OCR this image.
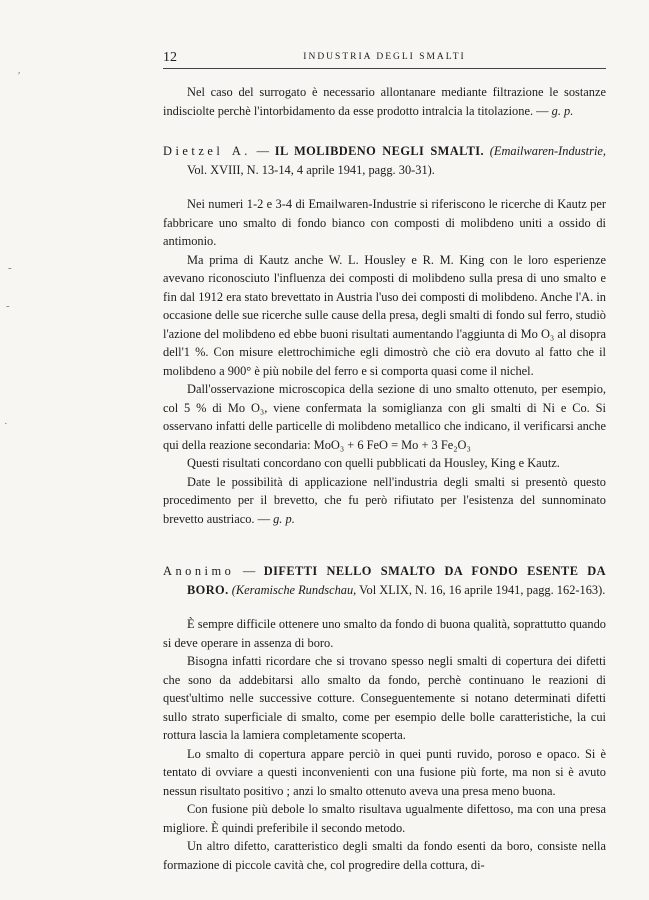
ʹ
-
-
·
12	INDUSTRIA DEGLI SMALTI

Nel caso del surrogato è necessario allontanare mediante filtrazione le sostanze indisciolte perchè l'intorbidamento da esse prodotto intralcia la titolazione. — g. p.

Dietzel A. — IL MOLIBDENO NEGLI SMALTI. (Emailwaren-Industrie, Vol. XVIII, N. 13-14, 4 aprile 1941, pagg. 30-31).

Nei numeri 1-2 e 3-4 di Emailwaren-Industrie si riferiscono le ricerche di Kautz per fabbricare uno smalto di fondo bianco con composti di molibdeno uniti a ossido di antimonio.

Ma prima di Kautz anche W. L. Housley e R. M. King con le loro esperienze avevano riconosciuto l'influenza dei composti di molibdeno sulla presa di uno smalto e fin dal 1912 era stato brevettato in Austria l'uso dei composti di molibdeno. Anche l'A. in occasione delle sue ricerche sulle cause della presa, degli smalti di fondo sul ferro, studiò l'azione del molibdeno ed ebbe buoni risultati aumentando l'aggiunta di Mo O₃ al disopra dell'1 %. Con misure elettrochimiche egli dimostrò che ciò era dovuto al fatto che il molibdeno a 900° è più nobile del ferro e si comporta quasi come il nichel.

Dall'osservazione microscopica della sezione di uno smalto ottenuto, per esempio, col 5 % di Mo O₃, viene confermata la somiglianza con gli smalti di Ni e Co. Si osservano infatti delle particelle di molibdeno metallico che indicano, il verificarsi anche qui della reazione secondaria: MoO₃ + 6 FeO = Mo + 3 Fe₂O₃

Questi risultati concordano con quelli pubblicati da Housley, King e Kautz.

Date le possibilità di applicazione nell'industria degli smalti si presentò questo procedimento per il brevetto, che fu però rifiutato per l'esistenza del sunnominato brevetto austriaco. — g. p.

Anonimo — DIFETTI NELLO SMALTO DA FONDO ESENTE DA BORO. (Keramische Rundschau, Vol XLIX, N. 16, 16 aprile 1941, pagg. 162-163).

È sempre difficile ottenere uno smalto da fondo di buona qualità, soprattutto quando si deve operare in assenza di boro.

Bisogna infatti ricordare che si trovano spesso negli smalti di copertura dei difetti che sono da addebitarsi allo smalto da fondo, perchè continuano le reazioni di quest'ultimo nelle successive cotture. Conseguentemente si notano determinati difetti sullo strato superficiale di smalto, come per esempio delle bolle caratteristiche, la cui rottura lascia la lamiera completamente scoperta.

Lo smalto di copertura appare perciò in quei punti ruvido, poroso e opaco. Si è tentato di ovviare a questi inconvenienti con una fusione più forte, ma non si è avuto nessun risultato positivo ; anzi lo smalto ottenuto aveva una presa meno buona.

Con fusione più debole lo smalto risultava ugualmente difettoso, ma con una presa migliore. È quindi preferibile il secondo metodo.

Un altro difetto, caratteristico degli smalti da fondo esenti da boro, consiste nella formazione di piccole cavità che, col progredire della cottura, di-
